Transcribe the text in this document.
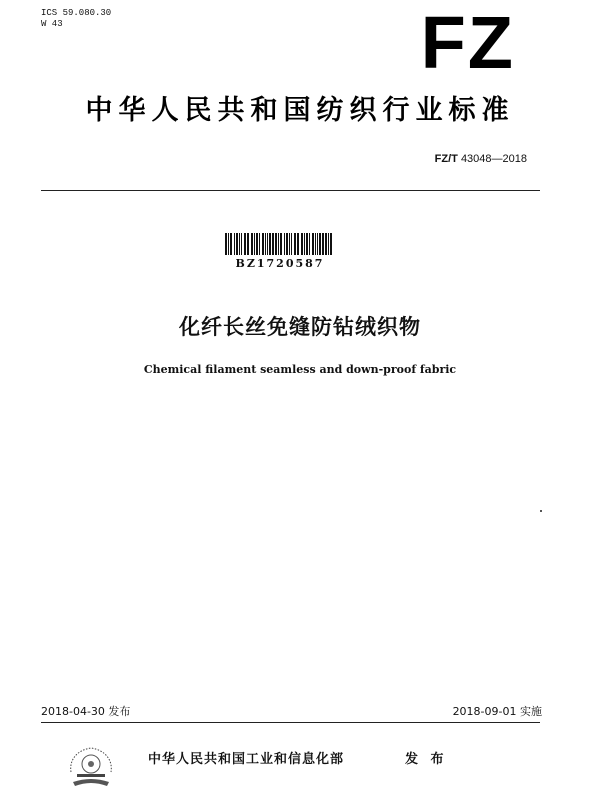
ICS 59.080.30
W 43	FZ
中华人民共和国纺织行业标准
FZ/T 43048—2018
BZ1720587
化纤长丝免缝防钻绒织物
Chemical filament seamless and down-proof fabric
2018-04-30 发布	2018-09-01 实施
中华人民共和国工业和信息化部	发 布
